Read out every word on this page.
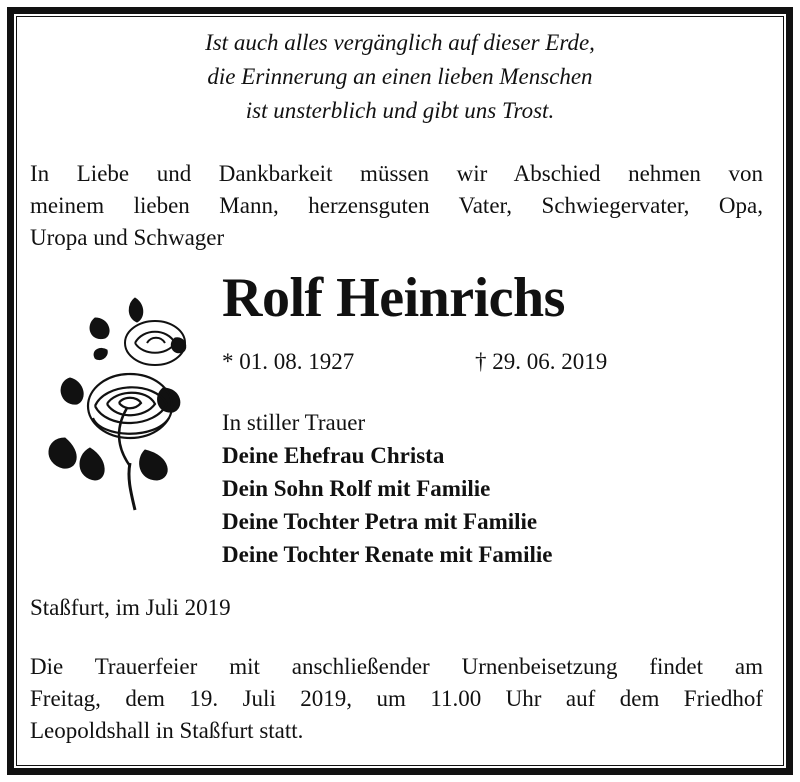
Ist auch alles vergänglich auf dieser Erde,
die Erinnerung an einen lieben Menschen
ist unsterblich und gibt uns Trost.
In Liebe und Dankbarkeit müssen wir Abschied nehmen von
meinem lieben Mann, herzensguten Vater, Schwiegervater, Opa,
Uropa und Schwager
Rolf Heinrichs
* 01. 08. 1927	† 29. 06. 2019
In stiller Trauer
Deine Ehefrau Christa
Dein Sohn Rolf mit Familie
Deine Tochter Petra mit Familie
Deine Tochter Renate mit Familie
Staßfurt, im Juli 2019
Die Trauerfeier mit anschließender Urnenbeisetzung findet am
Freitag, dem 19. Juli 2019, um 11.00 Uhr auf dem Friedhof
Leopoldshall in Staßfurt statt.
